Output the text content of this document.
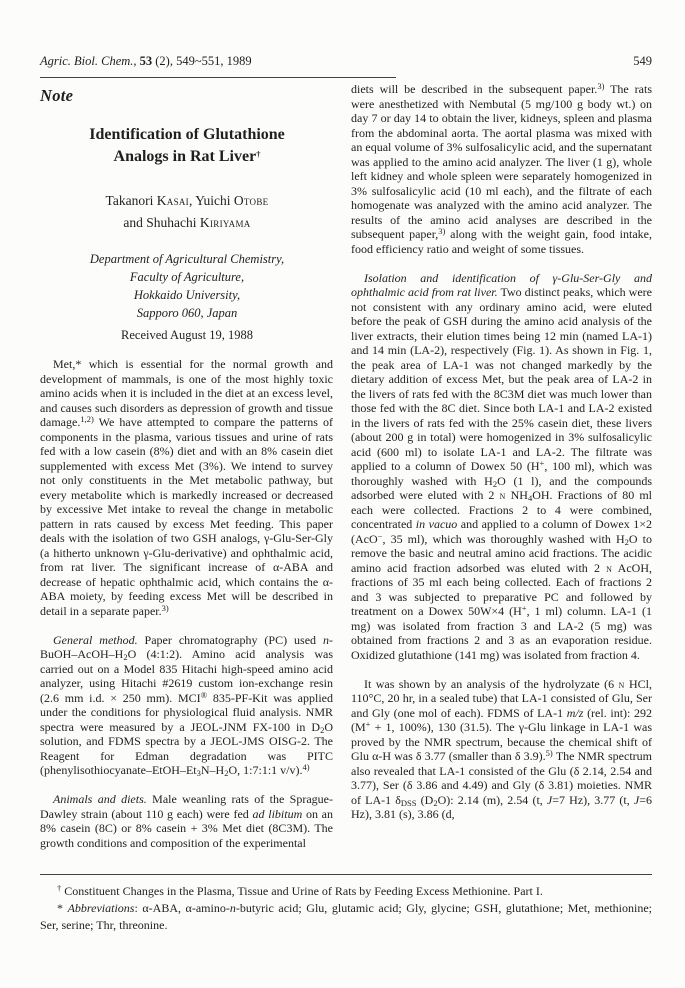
Agric. Biol. Chem., 53 (2), 549~551, 1989	549
Note
Identification of Glutathione
Analogs in Rat Liver†
Takanori Kasai, Yuichi Otobe
and Shuhachi Kiriyama
Department of Agricultural Chemistry,
Faculty of Agriculture,
Hokkaido University,
Sapporo 060, Japan
Received August 19, 1988

Met,* which is essential for the normal growth and development of mammals, is one of the most highly toxic amino acids when it is included in the diet at an excess level, and causes such disorders as depression of growth and tissue damage.$^{1,2)}$ We have attempted to compare the patterns of components in the plasma, various tissues and urine of rats fed with a low casein (8%) diet and with an 8% casein diet supplemented with excess Met (3%). We intend to survey not only constituents in the Met metabolic pathway, but every metabolite which is markedly increased or decreased by excessive Met intake to reveal the change in metabolic pattern in rats caused by excess Met feeding. This paper deals with the isolation of two GSH analogs, γ-Glu-Ser-Gly (a hitherto unknown γ-Glu-derivative) and ophthalmic acid, from rat liver. The significant increase of α-ABA and decrease of hepatic ophthalmic acid, which contains the α-ABA moiety, by feeding excess Met will be described in detail in a separate paper.$^{3)}$

General method. Paper chromatography (PC) used $n-BuOH-AcOH-H_2O$ (4:1:2). Amino acid analysis was carried out on a Model 835 Hitachi high-speed amino acid analyzer, using Hitachi #2619 custom ion-exchange resin (2.6 mm i.d. × 250 mm). MCI® 835-PF-Kit was applied under the conditions for physiological fluid analysis. NMR spectra were measured by a JEOL-JNM FX-100 in $D_2O$ solution, and FDMS spectra by a JEOL-JMS OISG-2. The Reagent for Edman degradation was PITC ($phenylisothiocyanate-EtOH-Et_3N-H_2O$, 1:7:1:1 v/v).$^{4)}$

Animals and diets. Male weanling rats of the Sprague-Dawley strain (about 110 g each) were fed ad libitum on an 8% casein (8C) or 8% casein + 3% Met diet (8C3M). The growth conditions and composition of the experimental

diets will be described in the subsequent paper.$^{3)}$ The rats were anesthetized with Nembutal (5 mg/100 g body wt.) on day 7 or day 14 to obtain the liver, kidneys, spleen and plasma from the abdominal aorta. The aortal plasma was mixed with an equal volume of 3% sulfosalicylic acid, and the supernatant was applied to the amino acid analyzer. The liver (1 g), whole left kidney and whole spleen were separately homogenized in 3% sulfosalicylic acid (10 ml each), and the filtrate of each homogenate was analyzed with the amino acid analyzer. The results of the amino acid analyses are described in the subsequent paper,$^{3)}$ along with the weight gain, food intake, food efficiency ratio and weight of some tissues.

Isolation and identification of γ-Glu-Ser-Gly and ophthalmic acid from rat liver. Two distinct peaks, which were not consistent with any ordinary amino acid, were eluted before the peak of GSH during the amino acid analysis of the liver extracts, their elution times being 12 min (named LA-1) and 14 min (LA-2), respectively (Fig. 1). As shown in Fig. 1, the peak area of LA-1 was not changed markedly by the dietary addition of excess Met, but the peak area of LA-2 in the livers of rats fed with the 8C3M diet was much lower than those fed with the 8C diet. Since both LA-1 and LA-2 existed in the livers of rats fed with the 25% casein diet, these livers (about 200 g in total) were homogenized in 3% sulfosalicylic acid (600 ml) to isolate LA-1 and LA-2. The filtrate was applied to a column of Dowex 50 (H+, 100 ml), which was thoroughly washed with $H_2O$ (1 l), and the compounds adsorbed were eluted with 2 n $NH_4OH$. Fractions of 80 ml each were collected. Fractions 2 to 4 were combined, concentrated in vacuo and applied to a column of Dowex 1×2 (AcO−, 35 ml), which was thoroughly washed with $H_2O$ to remove the basic and neutral amino acid fractions. The acidic amino acid fraction adsorbed was eluted with 2 n AcOH, fractions of 35 ml each being collected. Each of fractions 2 and 3 was subjected to preparative PC and followed by treatment on a Dowex 50W×4 (H+, 1 ml) column. LA-1 (1 mg) was isolated from fraction 3 and LA-2 (5 mg) was obtained from fractions 2 and 3 as an evaporation residue. Oxidized glutathione (141 mg) was isolated from fraction 4.

It was shown by an analysis of the hydrolyzate (6 n HCl, 110°C, 20 hr, in a sealed tube) that LA-1 consisted of Glu, Ser and Gly (one mol of each). FDMS of LA-1 m/z (rel. int): 292 (M+ + 1, 100%), 130 (31.5). The γ-Glu linkage in LA-1 was proved by the NMR spectrum, because the chemical shift of Glu α-H was δ 3.77 (smaller than δ 3.9).$^{5)}$ The NMR spectrum also revealed that LA-1 consisted of the Glu (δ 2.14, 2.54 and 3.77), Ser (δ 3.86 and 4.49) and Gly (δ 3.81) moieties. NMR of LA-1 $\delta_{DSS}$ $(D_2O)$: 2.14 (m), 2.54 (t, J=7 Hz), 3.77 (t, J=6 Hz), 3.81 (s), 3.86 (d,

† Constituent Changes in the Plasma, Tissue and Urine of Rats by Feeding Excess Methionine. Part I.

* Abbreviations: α-ABA, α-amino-n-butyric acid; Glu, glutamic acid; Gly, glycine; GSH, glutathione; Met, methionine; Ser, serine; Thr, threonine.
